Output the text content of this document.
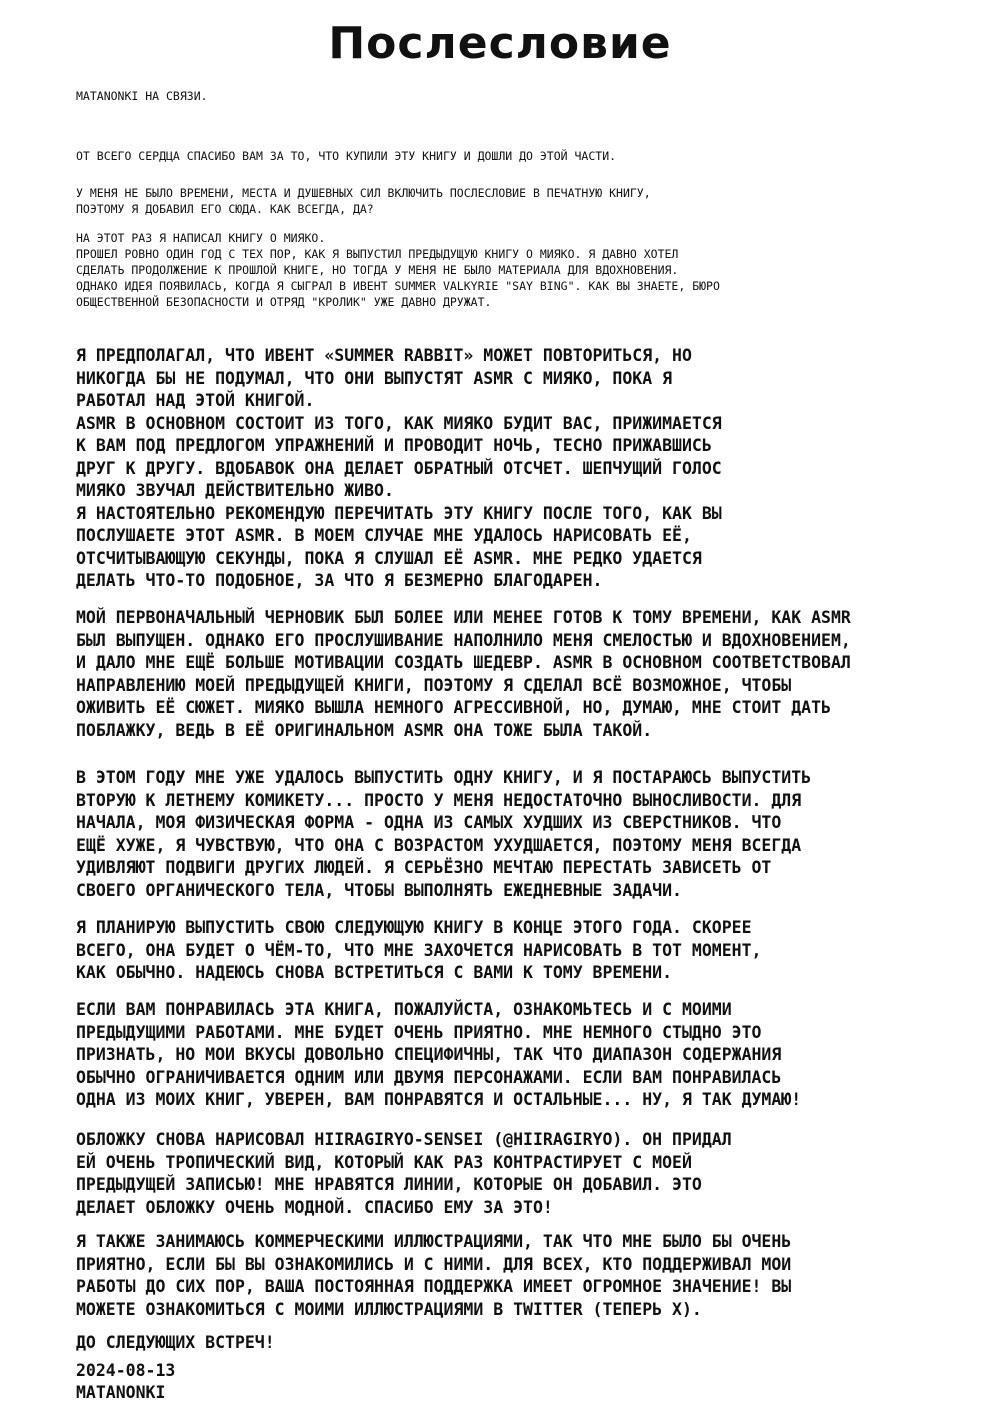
Послесловие

MATANONKI НА СВЯЗИ.

ОТ ВСЕГО СЕРДЦА СПАСИБО ВАМ ЗА ТО, ЧТО КУПИЛИ ЭТУ КНИГУ И ДОШЛИ ДО ЭТОЙ ЧАСТИ.

У МЕНЯ НЕ БЫЛО ВРЕМЕНИ, МЕСТА И ДУШЕВНЫХ СИЛ ВКЛЮЧИТЬ ПОСЛЕСЛОВИЕ В ПЕЧАТНУЮ КНИГУ,
ПОЭТОМУ Я ДОБАВИЛ ЕГО СЮДА. КАК ВСЕГДА, ДА?

НА ЭТОТ РАЗ Я НАПИСАЛ КНИГУ О МИЯКО.
ПРОШЕЛ РОВНО ОДИН ГОД С ТЕХ ПОР, КАК Я ВЫПУСТИЛ ПРЕДЫДУЩУЮ КНИГУ О МИЯКО. Я ДАВНО ХОТЕЛ
СДЕЛАТЬ ПРОДОЛЖЕНИЕ К ПРОШЛОЙ КНИГЕ, НО ТОГДА У МЕНЯ НЕ БЫЛО МАТЕРИАЛА ДЛЯ ВДОХНОВЕНИЯ.
ОДНАКО ИДЕЯ ПОЯВИЛАСЬ, КОГДА Я СЫГРАЛ В ИВЕНТ SUMMER VALKYRIE "SAY BING". КАК ВЫ ЗНАЕТЕ, БЮРО
ОБЩЕСТВЕННОЙ БЕЗОПАСНОСТИ И ОТРЯД "КРОЛИК" УЖЕ ДАВНО ДРУЖАТ.

Я ПРЕДПОЛАГАЛ, ЧТО ИВЕНТ «SUMMER RABBIT» МОЖЕТ ПОВТОРИТЬСЯ, НО
НИКОГДА БЫ НЕ ПОДУМАЛ, ЧТО ОНИ ВЫПУСТЯТ ASMR С МИЯКО, ПОКА Я
РАБОТАЛ НАД ЭТОЙ КНИГОЙ.
ASMR В ОСНОВНОМ СОСТОИТ ИЗ ТОГО, КАК МИЯКО БУДИТ ВАС, ПРИЖИМАЕТСЯ
К ВАМ ПОД ПРЕДЛОГОМ УПРАЖНЕНИЙ И ПРОВОДИТ НОЧЬ, ТЕСНО ПРИЖАВШИСЬ
ДРУГ К ДРУГУ. ВДОБАВОК ОНА ДЕЛАЕТ ОБРАТНЫЙ ОТСЧЕТ. ШЕПЧУЩИЙ ГОЛОС
МИЯКО ЗВУЧАЛ ДЕЙСТВИТЕЛЬНО ЖИВО.
Я НАСТОЯТЕЛЬНО РЕКОМЕНДУЮ ПЕРЕЧИТАТЬ ЭТУ КНИГУ ПОСЛЕ ТОГО, КАК ВЫ
ПОСЛУШАЕТЕ ЭТОТ ASMR. В МОЕМ СЛУЧАЕ МНЕ УДАЛОСЬ НАРИСОВАТЬ ЕЁ,
ОТСЧИТЫВАЮЩУЮ СЕКУНДЫ, ПОКА Я СЛУШАЛ ЕЁ ASMR. МНЕ РЕДКО УДАЕТСЯ
ДЕЛАТЬ ЧТО-ТО ПОДОБНОЕ, ЗА ЧТО Я БЕЗМЕРНО БЛАГОДАРЕН.

МОЙ ПЕРВОНАЧАЛЬНЫЙ ЧЕРНОВИК БЫЛ БОЛЕЕ ИЛИ МЕНЕЕ ГОТОВ К ТОМУ ВРЕМЕНИ, КАК ASMR
БЫЛ ВЫПУЩЕН. ОДНАКО ЕГО ПРОСЛУШИВАНИЕ НАПОЛНИЛО МЕНЯ СМЕЛОСТЬЮ И ВДОХНОВЕНИЕМ,
И ДАЛО МНЕ ЕЩЁ БОЛЬШЕ МОТИВАЦИИ СОЗДАТЬ ШЕДЕВР. ASMR В ОСНОВНОМ СООТВЕТСТВОВАЛ
НАПРАВЛЕНИЮ МОЕЙ ПРЕДЫДУЩЕЙ КНИГИ, ПОЭТОМУ Я СДЕЛАЛ ВСЁ ВОЗМОЖНОЕ, ЧТОБЫ
ОЖИВИТЬ ЕЁ СЮЖЕТ. МИЯКО ВЫШЛА НЕМНОГО АГРЕССИВНОЙ, НО, ДУМАЮ, МНЕ СТОИТ ДАТЬ
ПОБЛАЖКУ, ВЕДЬ В ЕЁ ОРИГИНАЛЬНОМ ASMR ОНА ТОЖЕ БЫЛА ТАКОЙ.

В ЭТОМ ГОДУ МНЕ УЖЕ УДАЛОСЬ ВЫПУСТИТЬ ОДНУ КНИГУ, И Я ПОСТАРАЮСЬ ВЫПУСТИТЬ
ВТОРУЮ К ЛЕТНЕМУ КОМИКЕТУ... ПРОСТО У МЕНЯ НЕДОСТАТОЧНО ВЫНОСЛИВОСТИ. ДЛЯ
НАЧАЛА, МОЯ ФИЗИЧЕСКАЯ ФОРМА - ОДНА ИЗ САМЫХ ХУДШИХ ИЗ СВЕРСТНИКОВ. ЧТО
ЕЩЁ ХУЖЕ, Я ЧУВСТВУЮ, ЧТО ОНА С ВОЗРАСТОМ УХУДШАЕТСЯ, ПОЭТОМУ МЕНЯ ВСЕГДА
УДИВЛЯЮТ ПОДВИГИ ДРУГИХ ЛЮДЕЙ. Я СЕРЬЁЗНО МЕЧТАЮ ПЕРЕСТАТЬ ЗАВИСЕТЬ ОТ
СВОЕГО ОРГАНИЧЕСКОГО ТЕЛА, ЧТОБЫ ВЫПОЛНЯТЬ ЕЖЕДНЕВНЫЕ ЗАДАЧИ.

Я ПЛАНИРУЮ ВЫПУСТИТЬ СВОЮ СЛЕДУЮЩУЮ КНИГУ В КОНЦЕ ЭТОГО ГОДА. СКОРЕЕ
ВСЕГО, ОНА БУДЕТ О ЧЁМ-ТО, ЧТО МНЕ ЗАХОЧЕТСЯ НАРИСОВАТЬ В ТОТ МОМЕНТ,
КАК ОБЫЧНО. НАДЕЮСЬ СНОВА ВСТРЕТИТЬСЯ С ВАМИ К ТОМУ ВРЕМЕНИ.

ЕСЛИ ВАМ ПОНРАВИЛАСЬ ЭТА КНИГА, ПОЖАЛУЙСТА, ОЗНАКОМЬТЕСЬ И С МОИМИ
ПРЕДЫДУЩИМИ РАБОТАМИ. МНЕ БУДЕТ ОЧЕНЬ ПРИЯТНО. МНЕ НЕМНОГО СТЫДНО ЭТО
ПРИЗНАТЬ, НО МОИ ВКУСЫ ДОВОЛЬНО СПЕЦИФИЧНЫ, ТАК ЧТО ДИАПАЗОН СОДЕРЖАНИЯ
ОБЫЧНО ОГРАНИЧИВАЕТСЯ ОДНИМ ИЛИ ДВУМЯ ПЕРСОНАЖАМИ. ЕСЛИ ВАМ ПОНРАВИЛАСЬ
ОДНА ИЗ МОИХ КНИГ, УВЕРЕН, ВАМ ПОНРАВЯТСЯ И ОСТАЛЬНЫЕ... НУ, Я ТАК ДУМАЮ!

ОБЛОЖКУ СНОВА НАРИСОВАЛ HIIRAGIRYO-SENSEI (@HIIRAGIRYO). ОН ПРИДАЛ
ЕЙ ОЧЕНЬ ТРОПИЧЕСКИЙ ВИД, КОТОРЫЙ КАК РАЗ КОНТРАСТИРУЕТ С МОЕЙ
ПРЕДЫДУЩЕЙ ЗАПИСЬЮ! МНЕ НРАВЯТСЯ ЛИНИИ, КОТОРЫЕ ОН ДОБАВИЛ. ЭТО
ДЕЛАЕТ ОБЛОЖКУ ОЧЕНЬ МОДНОЙ. СПАСИБО ЕМУ ЗА ЭТО!

Я ТАКЖЕ ЗАНИМАЮСЬ КОММЕРЧЕСКИМИ ИЛЛЮСТРАЦИЯМИ, ТАК ЧТО МНЕ БЫЛО БЫ ОЧЕНЬ
ПРИЯТНО, ЕСЛИ БЫ ВЫ ОЗНАКОМИЛИСЬ И С НИМИ. ДЛЯ ВСЕХ, КТО ПОДДЕРЖИВАЛ МОИ
РАБОТЫ ДО СИХ ПОР, ВАША ПОСТОЯННАЯ ПОДДЕРЖКА ИМЕЕТ ОГРОМНОЕ ЗНАЧЕНИЕ! ВЫ
МОЖЕТЕ ОЗНАКОМИТЬСЯ С МОИМИ ИЛЛЮСТРАЦИЯМИ В TWITTER (ТЕПЕРЬ X).

ДО СЛЕДУЮЩИХ ВСТРЕЧ!

2024-08-13

MATANONKI
